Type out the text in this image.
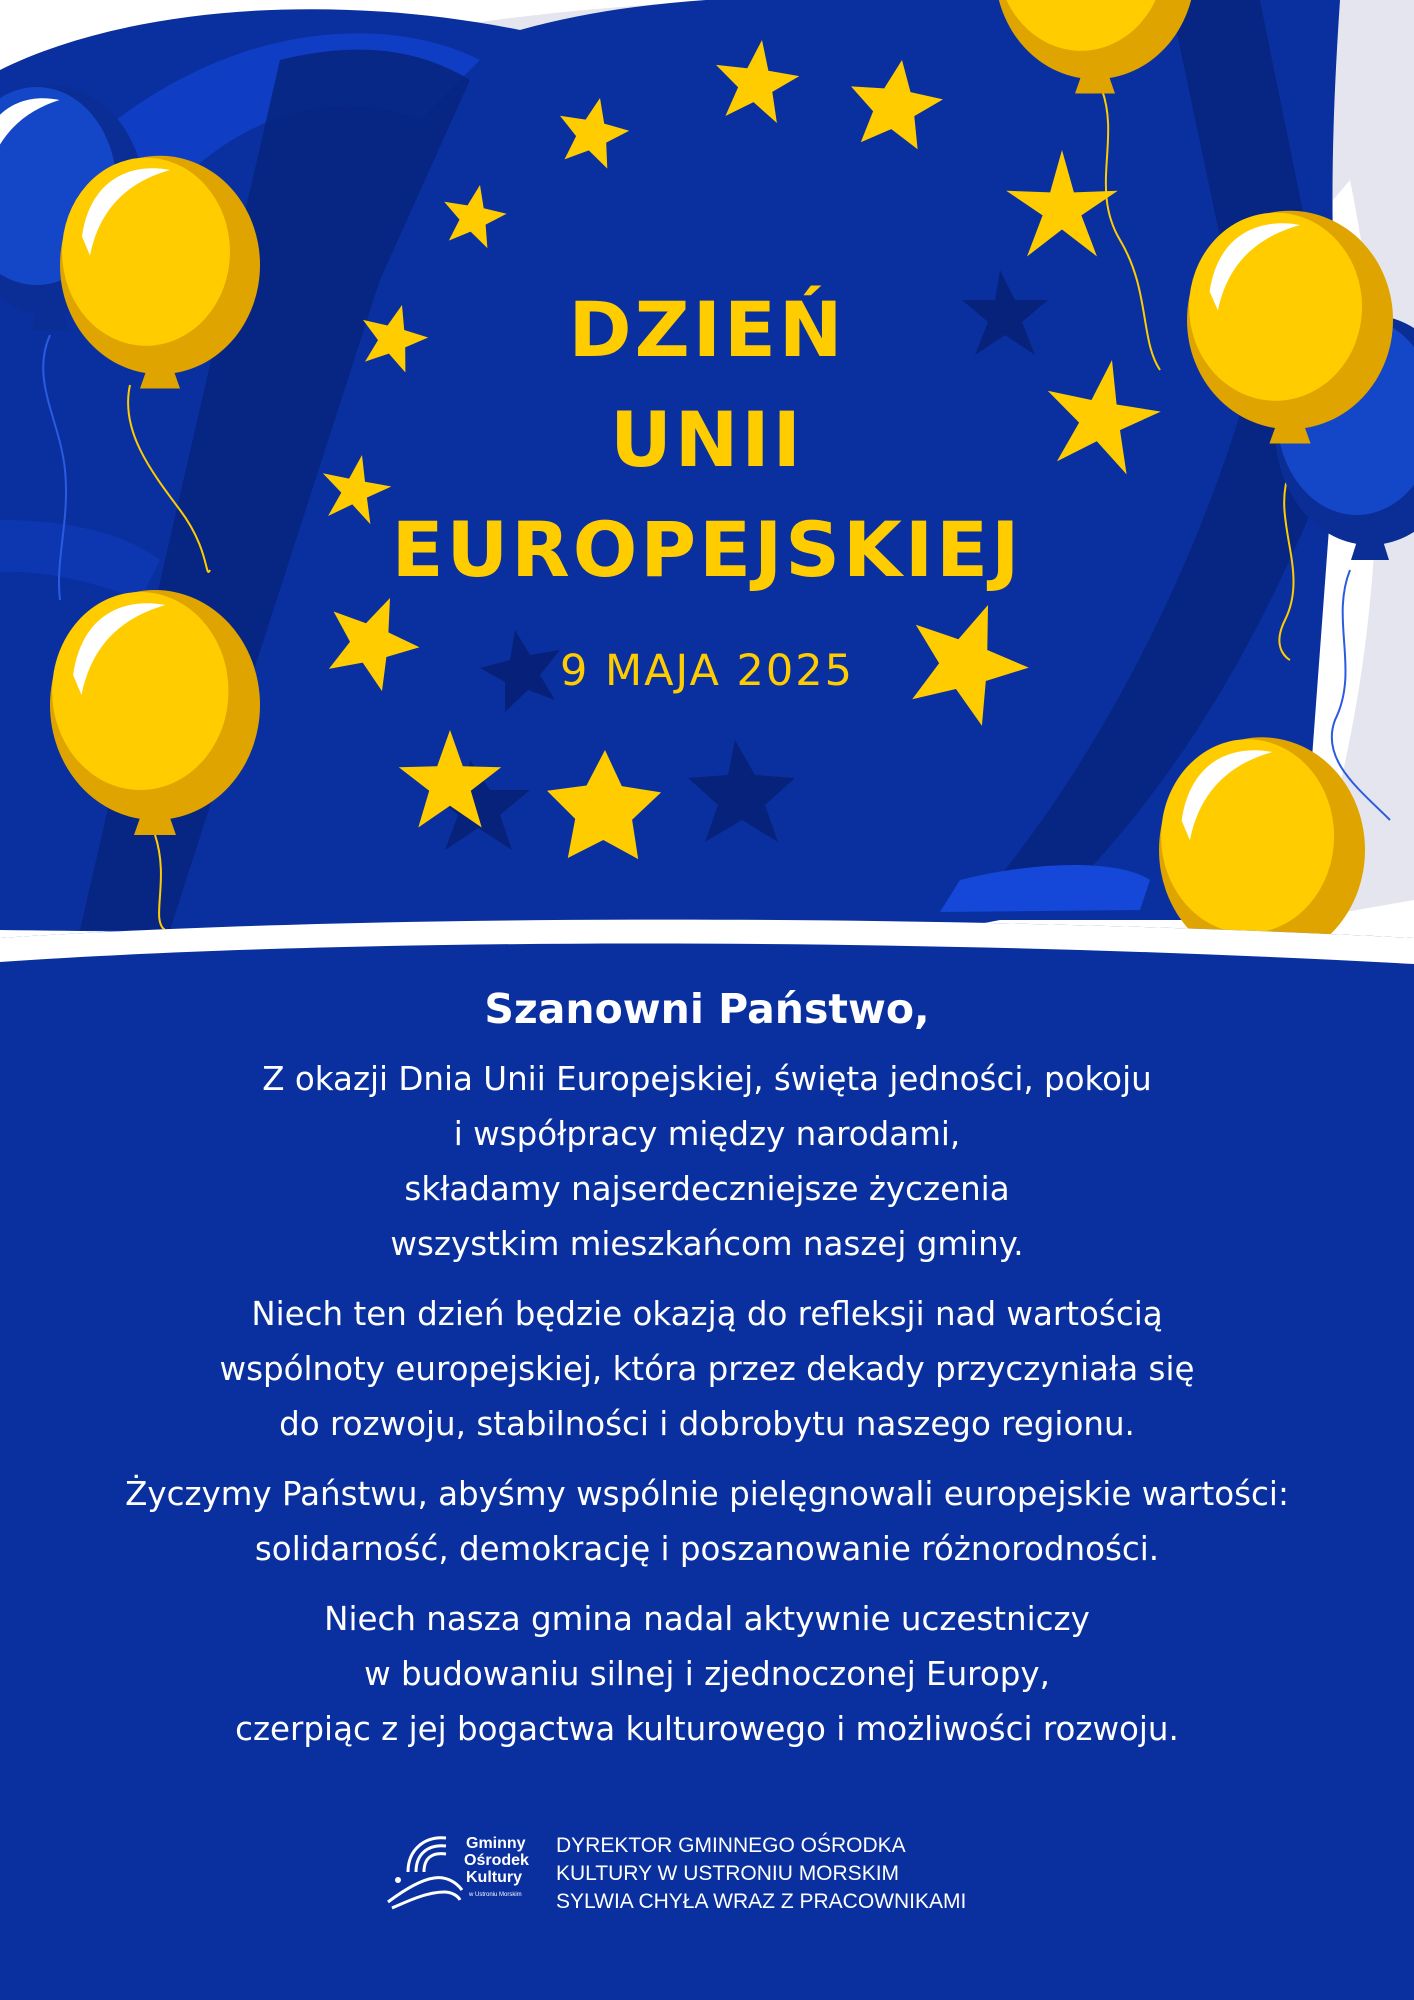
DZIEŃ
UNII
EUROPEJSKIEJ
9 MAJA 2025
Szanowni Państwo,

Z okazji Dnia Unii Europejskiej, święta jedności, pokoju
i współpracy między narodami,
składamy najserdeczniejsze życzenia
wszystkim mieszkańcom naszej gminy.

Niech ten dzień będzie okazją do refleksji nad wartością
wspólnoty europejskiej, która przez dekady przyczyniała się
do rozwoju, stabilności i dobrobytu naszego regionu.

Życzymy Państwu, abyśmy wspólnie pielęgnowali europejskie wartości:
solidarność, demokrację i poszanowanie różnorodności.

Niech nasza gmina nadal aktywnie uczestniczy
w budowaniu silnej i zjednoczonej Europy,
czerpiąc z jej bogactwa kulturowego i możliwości rozwoju.

Gminny
Ośrodek
Kultury
w Ustroniu Morskim
DYREKTOR GMINNEGO OŚRODKA
KULTURY W USTRONIU MORSKIM
SYLWIA CHYŁA WRAZ Z PRACOWNIKAMI
